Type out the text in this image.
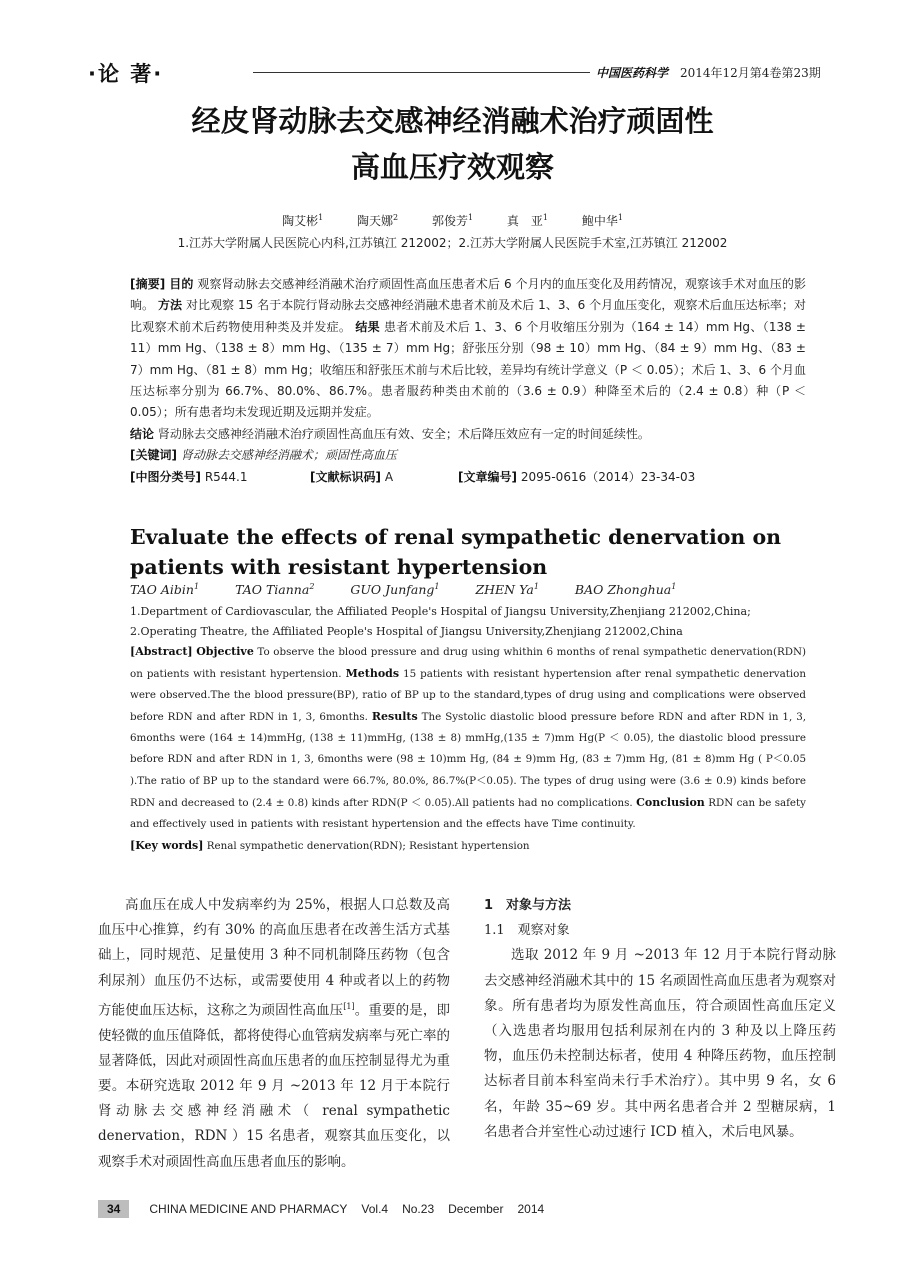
·论 著·	中国医药科学 2014年12月第4卷第23期
经皮肾动脉去交感神经消融术治疗顽固性
高血压疗效观察
陶艾彬$^1$	陶天娜$^2$	郭俊芳$^1$	真　亚$^1$	鲍中华$^1$
1.江苏大学附属人民医院心内科,江苏镇江 212002；2.江苏大学附属人民医院手术室,江苏镇江 212002

[摘要] 目的 观察肾动脉去交感神经消融术治疗顽固性高血压患者术后 6 个月内的血压变化及用药情况，观察该手术对血压的影响。 方法 对比观察 15 名于本院行肾动脉去交感神经消融术患者术前及术后 1、3、6 个月血压变化，观察术后血压达标率；对比观察术前术后药物使用种类及并发症。 结果 患者术前及术后 1、3、6 个月收缩压分别为（164 ± 14）mm Hg、（138 ± 11）mm Hg、（138 ± 8）mm Hg、（135 ± 7）mm Hg；舒张压分别（98 ± 10）mm Hg、（84 ± 9）mm Hg、（83 ± 7）mm Hg、（81 ± 8）mm Hg；收缩压和舒张压术前与术后比较，差异均有统计学意义（P ＜ 0.05）；术后 1、3、6 个月血压达标率分别为 66.7%、80.0%、86.7%。患者服药种类由术前的（3.6 ± 0.9）种降至术后的（2.4 ± 0.8）种（P ＜ 0.05）；所有患者均未发现近期及远期并发症。

结论 肾动脉去交感神经消融术治疗顽固性高血压有效、安全；术后降压效应有一定的时间延续性。

[关键词] 肾动脉去交感神经消融术；顽固性高血压

[中图分类号] R544.1	[文献标识码] A	[文章编号] 2095-0616（2014）23-34-03

Evaluate the effects of renal sympathetic denervation on patients with resistant hypertension
TAO Aibin$^1$	TAO Tianna$^2$	GUO Junfang$^1$	ZHEN Ya$^1$	BAO Zhonghua$^1$
1.Department of Cardiovascular, the Affiliated People's Hospital of Jiangsu University,Zhenjiang 212002,China;
2.Operating Theatre, the Affiliated People's Hospital of Jiangsu University,Zhenjiang 212002,China

[Abstract] Objective To observe the blood pressure and drug using whithin 6 months of renal sympathetic denervation(RDN) on patients with resistant hypertension. Methods 15 patients with resistant hypertension after renal sympathetic denervation were observed.The the blood pressure(BP), ratio of BP up to the standard,types of drug using and complications were observed before RDN and after RDN in 1, 3, 6months. Results The Systolic diastolic blood pressure before RDN and after RDN in 1, 3, 6months were (164 ± 14)mmHg, (138 ± 11)mmHg, (138 ± 8) mmHg,(135 ± 7)mm Hg(P ＜ 0.05), the diastolic blood pressure before RDN and after RDN in 1, 3, 6months were (98 ± 10)mm Hg, (84 ± 9)mm Hg, (83 ± 7)mm Hg, (81 ± 8)mm Hg ( P＜0.05 ).The ratio of BP up to the standard were 66.7%, 80.0%, 86.7%(P＜0.05). The types of drug using were (3.6 ± 0.9) kinds before RDN and decreased to (2.4 ± 0.8) kinds after RDN(P ＜ 0.05).All patients had no complications. Conclusion RDN can be safety and effectively used in patients with resistant hypertension and the effects have Time continuity.

[Key words] Renal sympathetic denervation(RDN); Resistant hypertension

高血压在成人中发病率约为 25%，根据人口总数及高血压中心推算，约有 30% 的高血压患者在改善生活方式基础上，同时规范、足量使用 3 种不同机制降压药物（包含利尿剂）血压仍不达标，或需要使用 4 种或者以上的药物方能使血压达标，这称之为顽固性高血压[1]。重要的是，即使轻微的血压值降低，都将使得心血管病发病率与死亡率的显著降低，因此对顽固性高血压患者的血压控制显得尤为重要。本研究选取 2012 年 9 月 ~2013 年 12 月于本院行肾动脉去交感神经消融术（ renal sympathetic denervation，RDN ）15 名患者，观察其血压变化，以观察手术对顽固性高血压患者血压的影响。

1　对象与方法

1.1　观察对象

选取 2012 年 9 月 ~2013 年 12 月于本院行肾动脉去交感神经消融术其中的 15 名顽固性高血压患者为观察对象。所有患者均为原发性高血压，符合顽固性高血压定义（入选患者均服用包括利尿剂在内的 3 种及以上降压药物，血压仍未控制达标者，使用 4 种降压药物，血压控制达标者目前本科室尚未行手术治疗）。其中男 9 名，女 6 名，年龄 35~69 岁。其中两名患者合并 2 型糖尿病，1 名患者合并室性心动过速行 ICD 植入，术后电风暴。

34	CHINA MEDICINE AND PHARMACY Vol.4 No.23 December 2014
